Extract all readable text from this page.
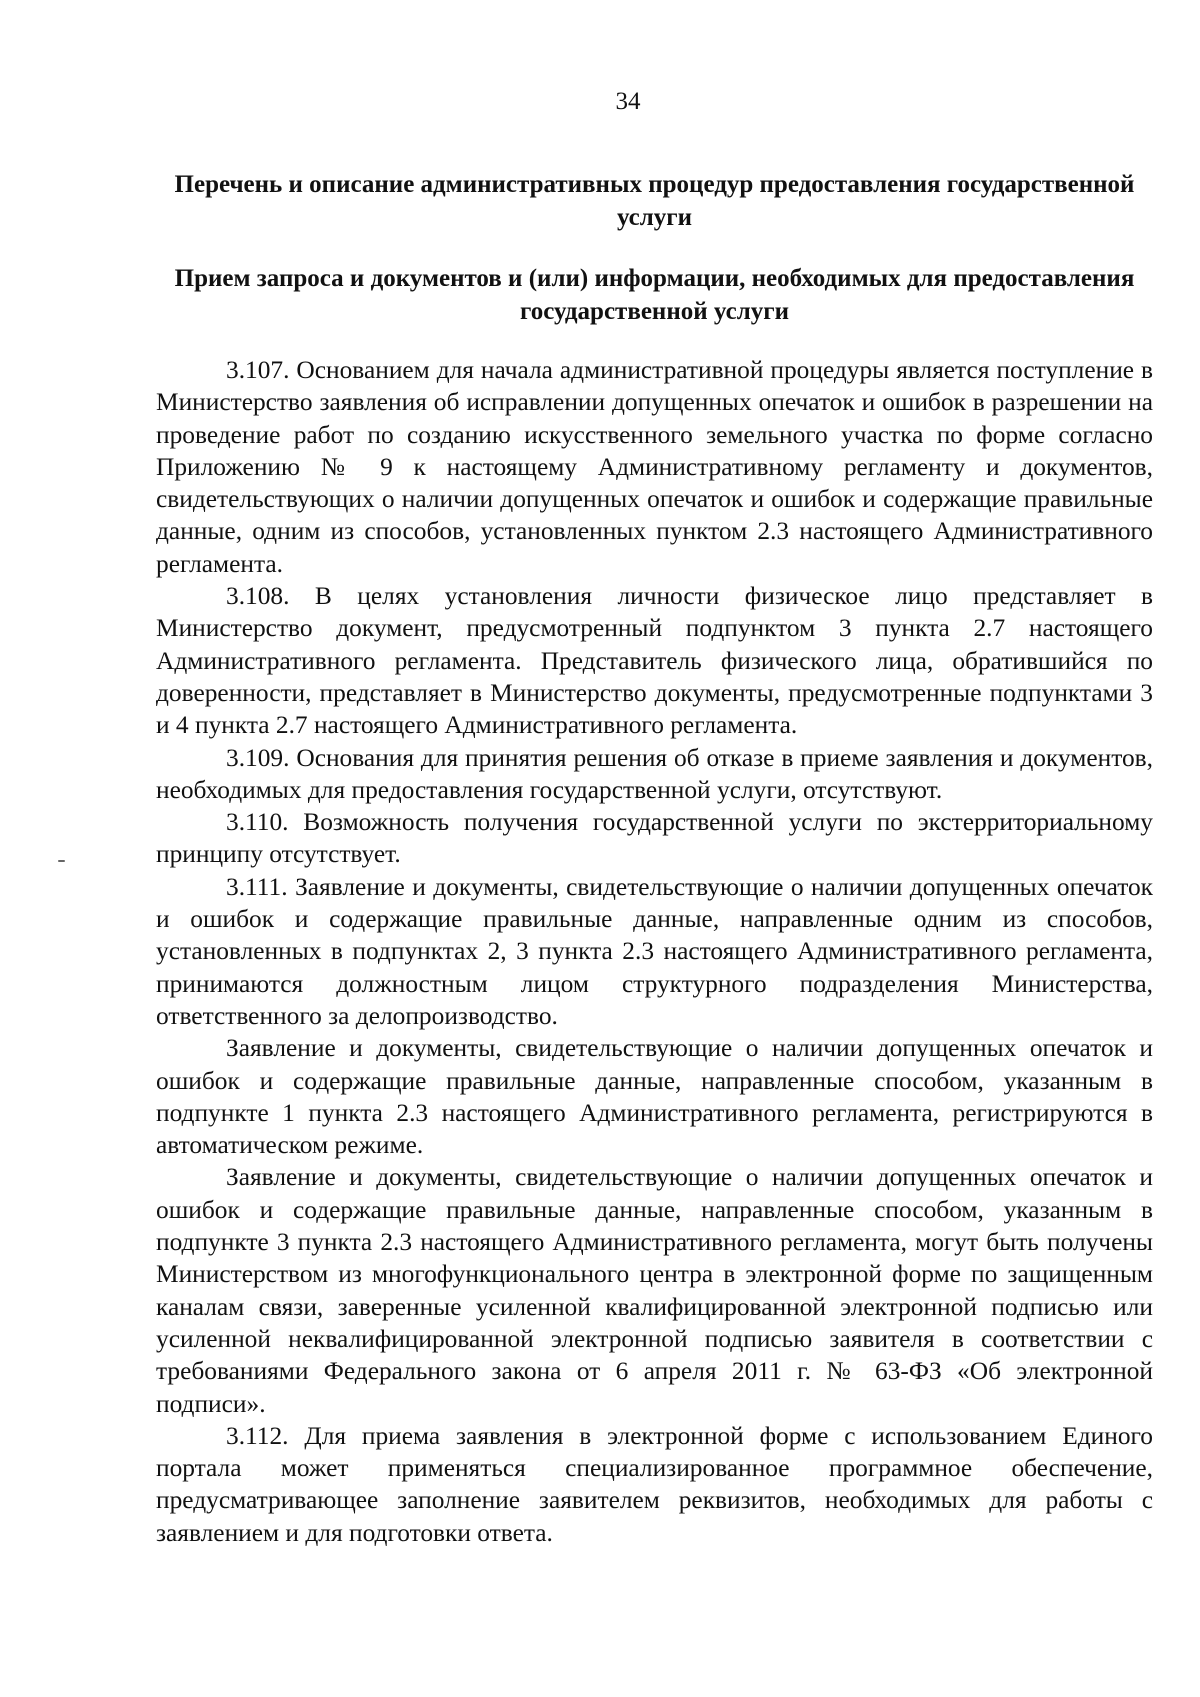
34
Перечень и описание административных процедур предоставления государственной услуги
Прием запроса и документов и (или) информации, необходимых для предоставления государственной услуги

3.107. Основанием для начала административной процедуры является поступление в Министерство заявления об исправлении допущенных опечаток и ошибок в разрешении на проведение работ по созданию искусственного земельного участка по форме согласно Приложению № 9 к настоящему Административному регламенту и документов, свидетельствующих о наличии допущенных опечаток и ошибок и содержащие правильные данные, одним из способов, установленных пунктом 2.3 настоящего Административного регламента.

3.108. В целях установления личности физическое лицо представляет в Министерство документ, предусмотренный подпунктом 3 пункта 2.7 настоящего Административного регламента. Представитель физического лица, обратившийся по доверенности, представляет в Министерство документы, предусмотренные подпунктами 3 и 4 пункта 2.7 настоящего Административного регламента.

3.109. Основания для принятия решения об отказе в приеме заявления и документов, необходимых для предоставления государственной услуги, отсутствуют.

3.110. Возможность получения государственной услуги по экстерриториальному принципу отсутствует.

3.111. Заявление и документы, свидетельствующие о наличии допущенных опечаток и ошибок и содержащие правильные данные, направленные одним из способов, установленных в подпунктах 2, 3 пункта 2.3 настоящего Административного регламента, принимаются должностным лицом структурного подразделения Министерства, ответственного за делопроизводство.

Заявление и документы, свидетельствующие о наличии допущенных опечаток и ошибок и содержащие правильные данные, направленные способом, указанным в подпункте 1 пункта 2.3 настоящего Административного регламента, регистрируются в автоматическом режиме.

Заявление и документы, свидетельствующие о наличии допущенных опечаток и ошибок и содержащие правильные данные, направленные способом, указанным в подпункте 3 пункта 2.3 настоящего Административного регламента, могут быть получены Министерством из многофункционального центра в электронной форме по защищенным каналам связи, заверенные усиленной квалифицированной электронной подписью или усиленной неквалифицированной электронной подписью заявителя в соответствии с требованиями Федерального закона от 6 апреля 2011 г. № 63-ФЗ «Об электронной подписи».

3.112. Для приема заявления в электронной форме с использованием Единого портала может применяться специализированное программное обеспечение, предусматривающее заполнение заявителем реквизитов, необходимых для работы с заявлением и для подготовки ответа.
